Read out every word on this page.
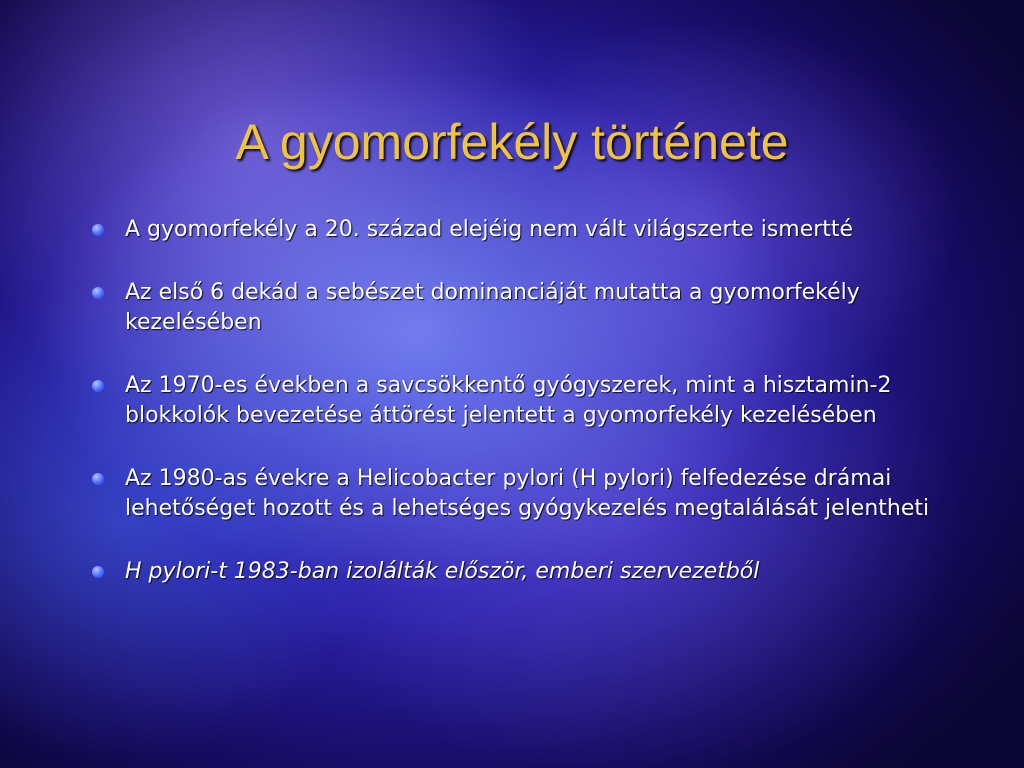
A gyomorfekély története
A gyomorfekély a 20. század elejéig nem vált világszerte ismertté
Az első 6 dekád a sebészet dominanciáját mutatta a gyomorfekély kezelésében
Az 1970-es években a savcsökkentő gyógyszerek, mint a hisztamin-2 blokkolók bevezetése áttörést jelentett a gyomorfekély kezelésében
Az 1980-as évekre a Helicobacter pylori (H pylori) felfedezése drámai lehetőséget hozott és a lehetséges gyógykezelés megtalálását jelentheti
H pylori-t 1983-ban izolálták először, emberi szervezetből
